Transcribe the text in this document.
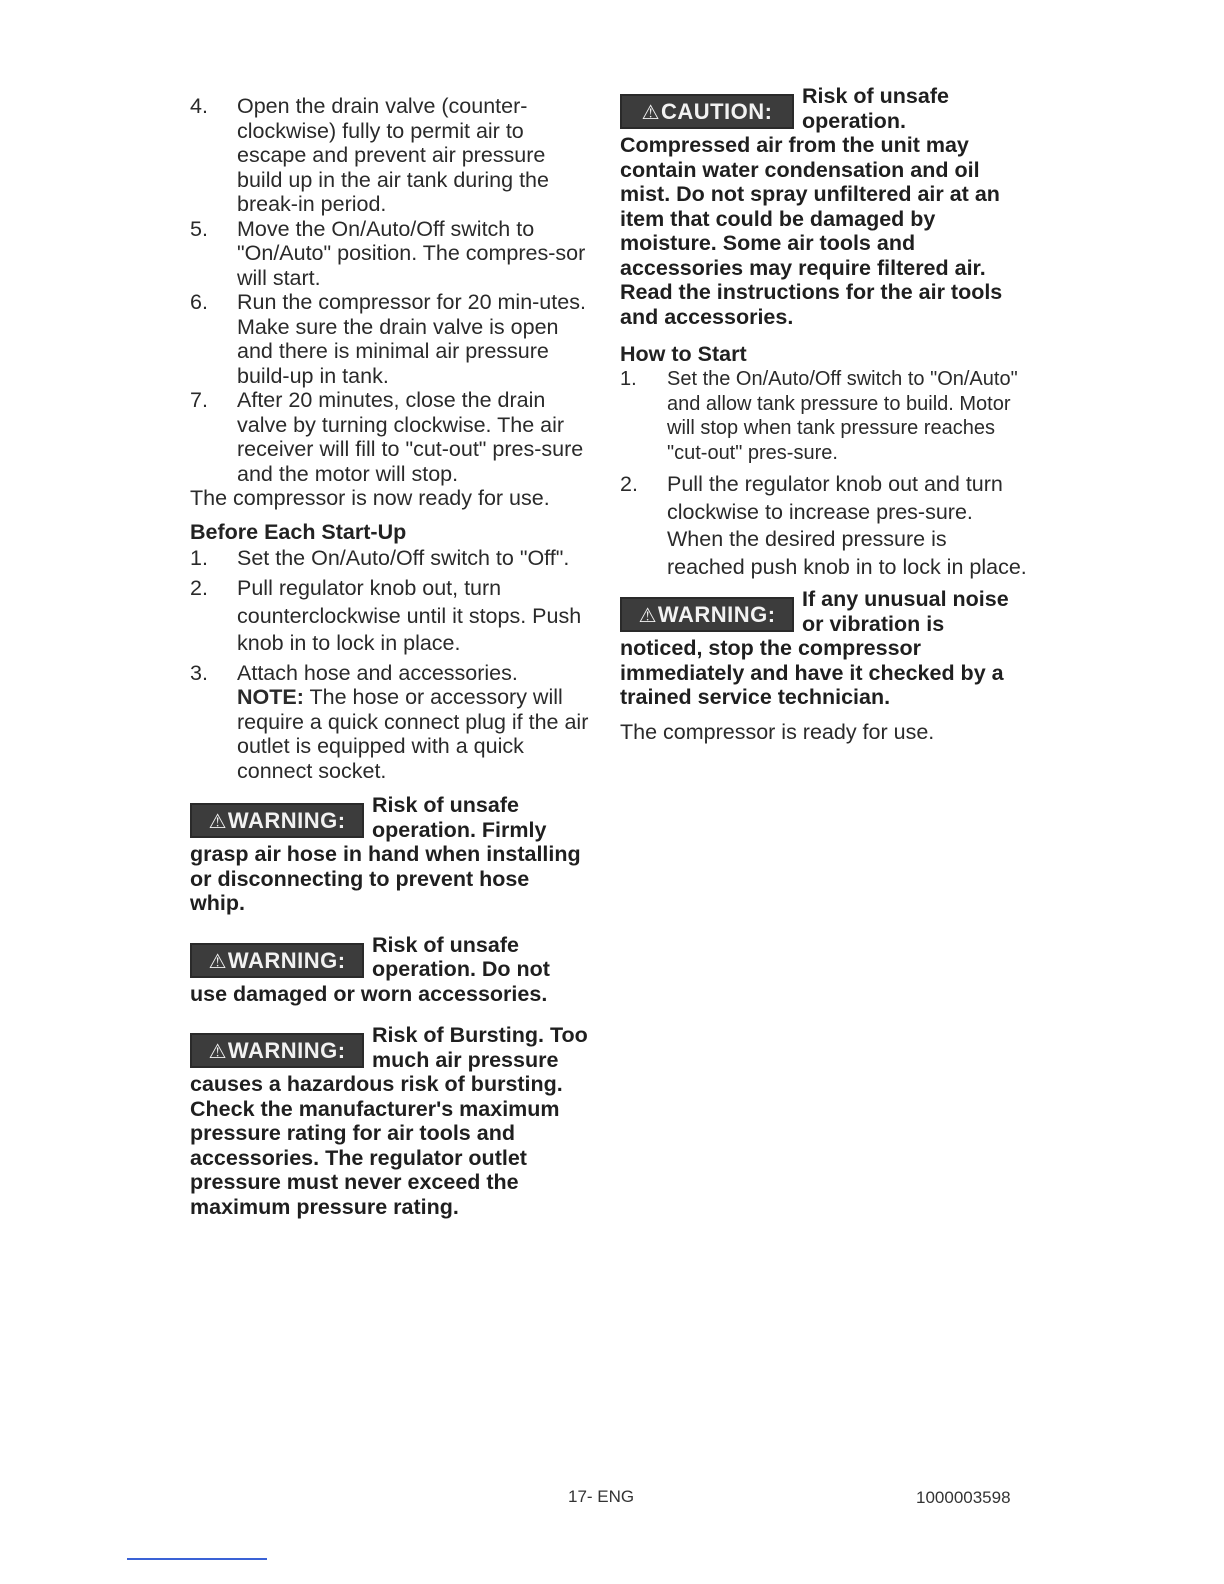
4. Open the drain valve (counter-clockwise) fully to permit air to escape and prevent air pressure build up in the air tank during the break-in period.
5. Move the On/Auto/Off switch to "On/Auto" position. The compres-sor will start.
6. Run the compressor for 20 min-utes. Make sure the drain valve is open and there is minimal air pressure build-up in tank.
7. After 20 minutes, close the drain valve by turning clockwise. The air receiver will fill to "cut-out" pres-sure and the motor will stop.
The compressor is now ready for use.
Before Each Start-Up
1. Set the On/Auto/Off switch to "Off".
2. Pull regulator knob out, turn counterclockwise until it stops. Push knob in to lock in place.
3. Attach hose and accessories.
NOTE: The hose or accessory will require a quick connect plug if the air outlet is equipped with a quick connect socket.
⚠WARNING:
Risk of unsafe operation. Firmly grasp air hose in hand when installing or disconnecting to prevent hose whip.
⚠WARNING:
Risk of unsafe operation. Do not use damaged or worn accessories.
⚠WARNING:
Risk of Bursting. Too much air pressure causes a hazardous risk of bursting. Check the manufacturer's maximum pressure rating for air tools and accessories. The regulator outlet pressure must never exceed the maximum pressure rating.
⚠CAUTION:
Risk of unsafe operation. Compressed air from the unit may contain water condensation and oil mist. Do not spray unfiltered air at an item that could be damaged by moisture. Some air tools and accessories may require filtered air. Read the instructions for the air tools and accessories.
How to Start
1. Set the On/Auto/Off switch to "On/Auto" and allow tank pressure to build. Motor will stop when tank pressure reaches "cut-out" pres-sure.
2. Pull the regulator knob out and turn clockwise to increase pres-sure. When the desired pressure is reached push knob in to lock in place.
⚠WARNING:
If any unusual noise or vibration is noticed, stop the compressor immediately and have it checked by a trained service technician.
The compressor is ready for use.
17- ENG	1000003598
